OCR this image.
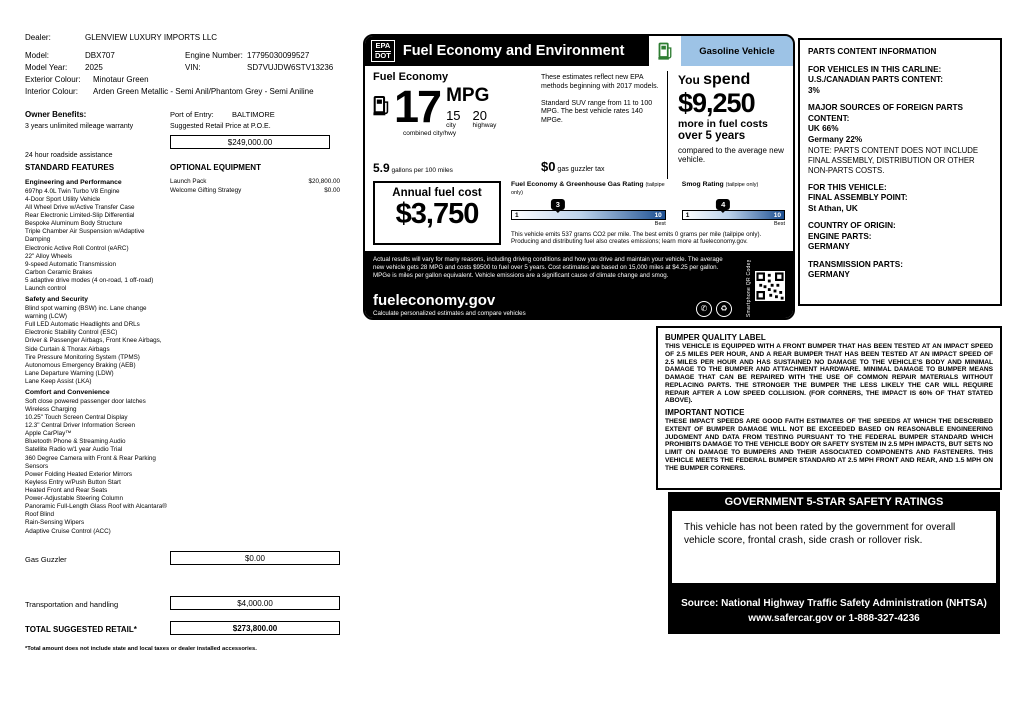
Dealer:	GLENVIEW LUXURY IMPORTS LLC
Model:	DBX707	Engine Number: 17795030099527
Model Year:	2025	VIN:	SD7VUJDW6STV13236
Exterior Colour:	Minotaur Green
Interior Colour:	Arden Green Metallic - Semi Anil/Phantom Grey - Semi Aniline
Owner Benefits:
3 years unlimited mileage warranty
24 hour roadside assistance
Port of Entry:	BALTIMORE
Suggested Retail Price at P.O.E.
$249,000.00
STANDARD FEATURES	OPTIONAL EQUIPMENT
Engineering and Performance
697hp 4.0L Twin Turbo V8 Engine
4-Door Sport Utility Vehicle
All Wheel Drive w/Active Transfer Case
Rear Electronic Limited-Slip Differential
Bespoke Aluminum Body Structure
Triple Chamber Air Suspension w/Adaptive Damping
Electronic Active Roll Control (eARC)
22" Alloy Wheels
9-speed Automatic Transmission
Carbon Ceramic Brakes
5 adaptive drive modes (4 on-road, 1 off-road)
Launch control
Safety and Security
Blind spot warning (BSW) inc. Lane change warning (LCW)
Full LED Automatic Headlights and DRLs
Electronic Stability Control (ESC)
Driver & Passenger Airbags, Front Knee Airbags, Side Curtain & Thorax Airbags
Tire Pressure Monitoring System (TPMS)
Autonomous Emergency Braking (AEB)
Lane Departure Warning (LDW)
Lane Keep Assist (LKA)
Comfort and Convenience
Soft close powered passenger door latches
Wireless Charging
10.25" Touch Screen Central Display
12.3" Central Driver Information Screen
Apple CarPlay™
Bluetooth Phone & Streaming Audio
Satellite Radio w/1 year Audio Trial
360 Degree Camera with Front & Rear Parking Sensors
Power Folding Heated Exterior Mirrors
Keyless Entry w/Push Button Start
Heated Front and Rear Seats
Power-Adjustable Steering Column
Panoramic Full-Length Glass Roof with Alcantara® Roof Blind
Rain-Sensing Wipers
Adaptive Cruise Control (ACC)
Launch Pack	$20,800.00
Welcome Gifting Strategy	$0.00
Gas Guzzler	$0.00
Transportation and handling	$4,000.00
TOTAL SUGGESTED RETAIL*	$273,800.00
*Total amount does not include state and local taxes or dealer installed accessories.
EPA
DOT Fuel Economy and Environment	Gasoline Vehicle
Fuel Economy
17 MPG
15
city
20
highway
combined city/hwy
5.9 gallons per 100 miles
These estimates reflect new EPA methods beginning with 2017 models.
Standard SUV range from 11 to 100 MPG. The best vehicle rates 140 MPGe.
$0 gas guzzler tax
You spend
$9,250
more in fuel costs
over 5 years
compared to the average new vehicle.
Annual fuel cost
$3,750
Fuel Economy & Greenhouse Gas Rating (tailpipe only)
Smog Rating (tailpipe only)
1	10
3
Best
1	10
4
Best
This vehicle emits 537 grams CO2 per mile. The best emits 0 grams per mile (tailpipe only). Producing and distributing fuel also creates emissions; learn more at fueleconomy.gov.
Actual results will vary for many reasons, including driving conditions and how you drive and maintain your vehicle. The average new vehicle gets 28 MPG and costs $9500 to fuel over 5 years. Cost estimates are based on 15,000 miles at $4.25 per gallon. MPGe is miles per gallon equivalent. Vehicle emissions are a significant cause of climate change and smog.
fueleconomy.gov
Calculate personalized estimates and compare vehicles	✆	♻	Smartphone QR Code™
PARTS CONTENT INFORMATION
FOR VEHICLES IN THIS CARLINE:
U.S./CANADIAN PARTS CONTENT:
3%
MAJOR SOURCES OF FOREIGN PARTS CONTENT:
UK 66%
Germany 22%
NOTE: PARTS CONTENT DOES NOT INCLUDE FINAL ASSEMBLY, DISTRIBUTION OR OTHER NON-PARTS COSTS.
FOR THIS VEHICLE:
FINAL ASSEMBLY POINT:
St Athan, UK
COUNTRY OF ORIGIN:
ENGINE PARTS:
GERMANY
TRANSMISSION PARTS:
GERMANY
BUMPER QUALITY LABEL

THIS VEHICLE IS EQUIPPED WITH A FRONT BUMPER THAT HAS BEEN TESTED AT AN IMPACT SPEED OF 2.5 MILES PER HOUR, AND A REAR BUMPER THAT HAS BEEN TESTED AT AN IMPACT SPEED OF 2.5 MILES PER HOUR AND HAS SUSTAINED NO DAMAGE TO THE VEHICLE'S BODY AND MINIMAL DAMAGE TO THE BUMPER AND ATTACHMENT HARDWARE. MINIMAL DAMAGE TO BUMPER MEANS DAMAGE THAT CAN BE REPAIRED WITH THE USE OF COMMON REPAIR MATERIALS WITHOUT REPLACING PARTS. THE STRONGER THE BUMPER THE LESS LIKELY THE CAR WILL REQUIRE REPAIR AFTER A LOW SPEED COLLISION. (FOR CORNERS, THE IMPACT IS 60% OF THAT STATED ABOVE).

IMPORTANT NOTICE

THESE IMPACT SPEEDS ARE GOOD FAITH ESTIMATES OF THE SPEEDS AT WHICH THE DESCRIBED EXTENT OF BUMPER DAMAGE WILL NOT BE EXCEEDED BASED ON REASONABLE ENGINEERING JUDGMENT AND DATA FROM TESTING PURSUANT TO THE FEDERAL BUMPER STANDARD WHICH PROHIBITS DAMAGE TO THE VEHICLE BODY OR SAFETY SYSTEM IN 2.5 MPH IMPACTS, BUT SETS NO LIMIT ON DAMAGE TO BUMPERS AND THEIR ASSOCIATED COMPONENTS AND FASTENERS. THIS VEHICLE MEETS THE FEDERAL BUMPER STANDARD AT 2.5 MPH FRONT AND REAR, AND 1.5 MPH ON THE BUMPER CORNERS.

GOVERNMENT 5-STAR SAFETY RATINGS
This vehicle has not been rated by the government for overall vehicle score, frontal crash, side crash or rollover risk.
Source: National Highway Traffic Safety Administration (NHTSA)
www.safercar.gov or 1-888-327-4236
